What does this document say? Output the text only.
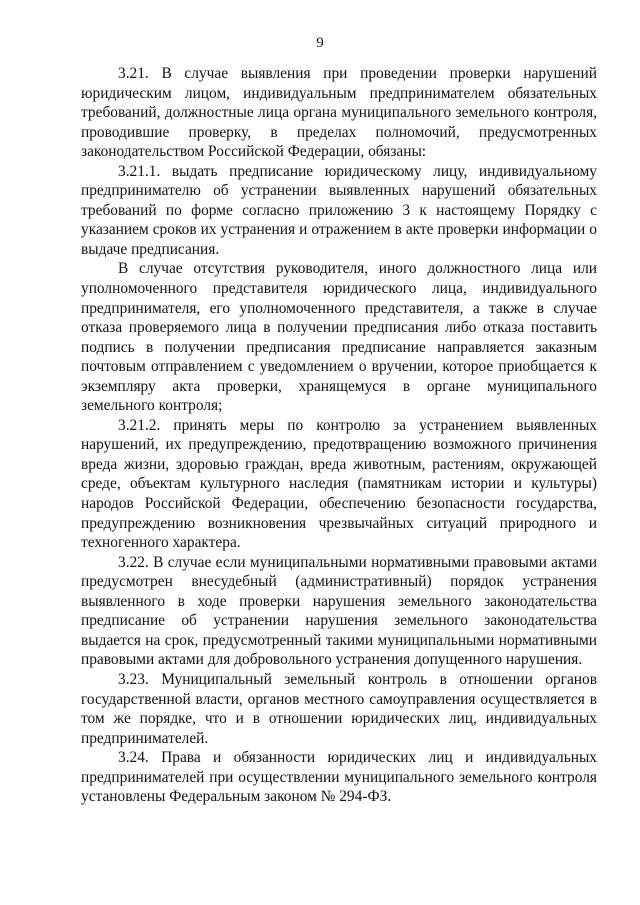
9

3.21. В случае выявления при проведении проверки нарушений юридическим лицом, индивидуальным предпринимателем обязательных требований, должностные лица органа муниципального земельного контроля, проводившие проверку, в пределах полномочий, предусмотренных законодательством Российской Федерации, обязаны:

3.21.1. выдать предписание юридическому лицу, индивидуальному предпринимателю об устранении выявленных нарушений обязательных требований по форме согласно приложению 3 к настоящему Порядку с указанием сроков их устранения и отражением в акте проверки информации о выдаче предписания.

В случае отсутствия руководителя, иного должностного лица или уполномоченного представителя юридического лица, индивидуального предпринимателя, его уполномоченного представителя, а также в случае отказа проверяемого лица в получении предписания либо отказа поставить подпись в получении предписания предписание направляется заказным почтовым отправлением с уведомлением о вручении, которое приобщается к экземпляру акта проверки, хранящемуся в органе муниципального земельного контроля;

3.21.2. принять меры по контролю за устранением выявленных нарушений, их предупреждению, предотвращению возможного причинения вреда жизни, здоровью граждан, вреда животным, растениям, окружающей среде, объектам культурного наследия (памятникам истории и культуры) народов Российской Федерации, обеспечению безопасности государства, предупреждению возникновения чрезвычайных ситуаций природного и техногенного характера.

3.22. В случае если муниципальными нормативными правовыми актами предусмотрен внесудебный (административный) порядок устранения выявленного в ходе проверки нарушения земельного законодательства предписание об устранении нарушения земельного законодательства выдается на срок, предусмотренный такими муниципальными нормативными правовыми актами для добровольного устранения допущенного нарушения.

3.23. Муниципальный земельный контроль в отношении органов государственной власти, органов местного самоуправления осуществляется в том же порядке, что и в отношении юридических лиц, индивидуальных предпринимателей.

3.24. Права и обязанности юридических лиц и индивидуальных предпринимателей при осуществлении муниципального земельного контроля установлены Федеральным законом № 294-ФЗ.
